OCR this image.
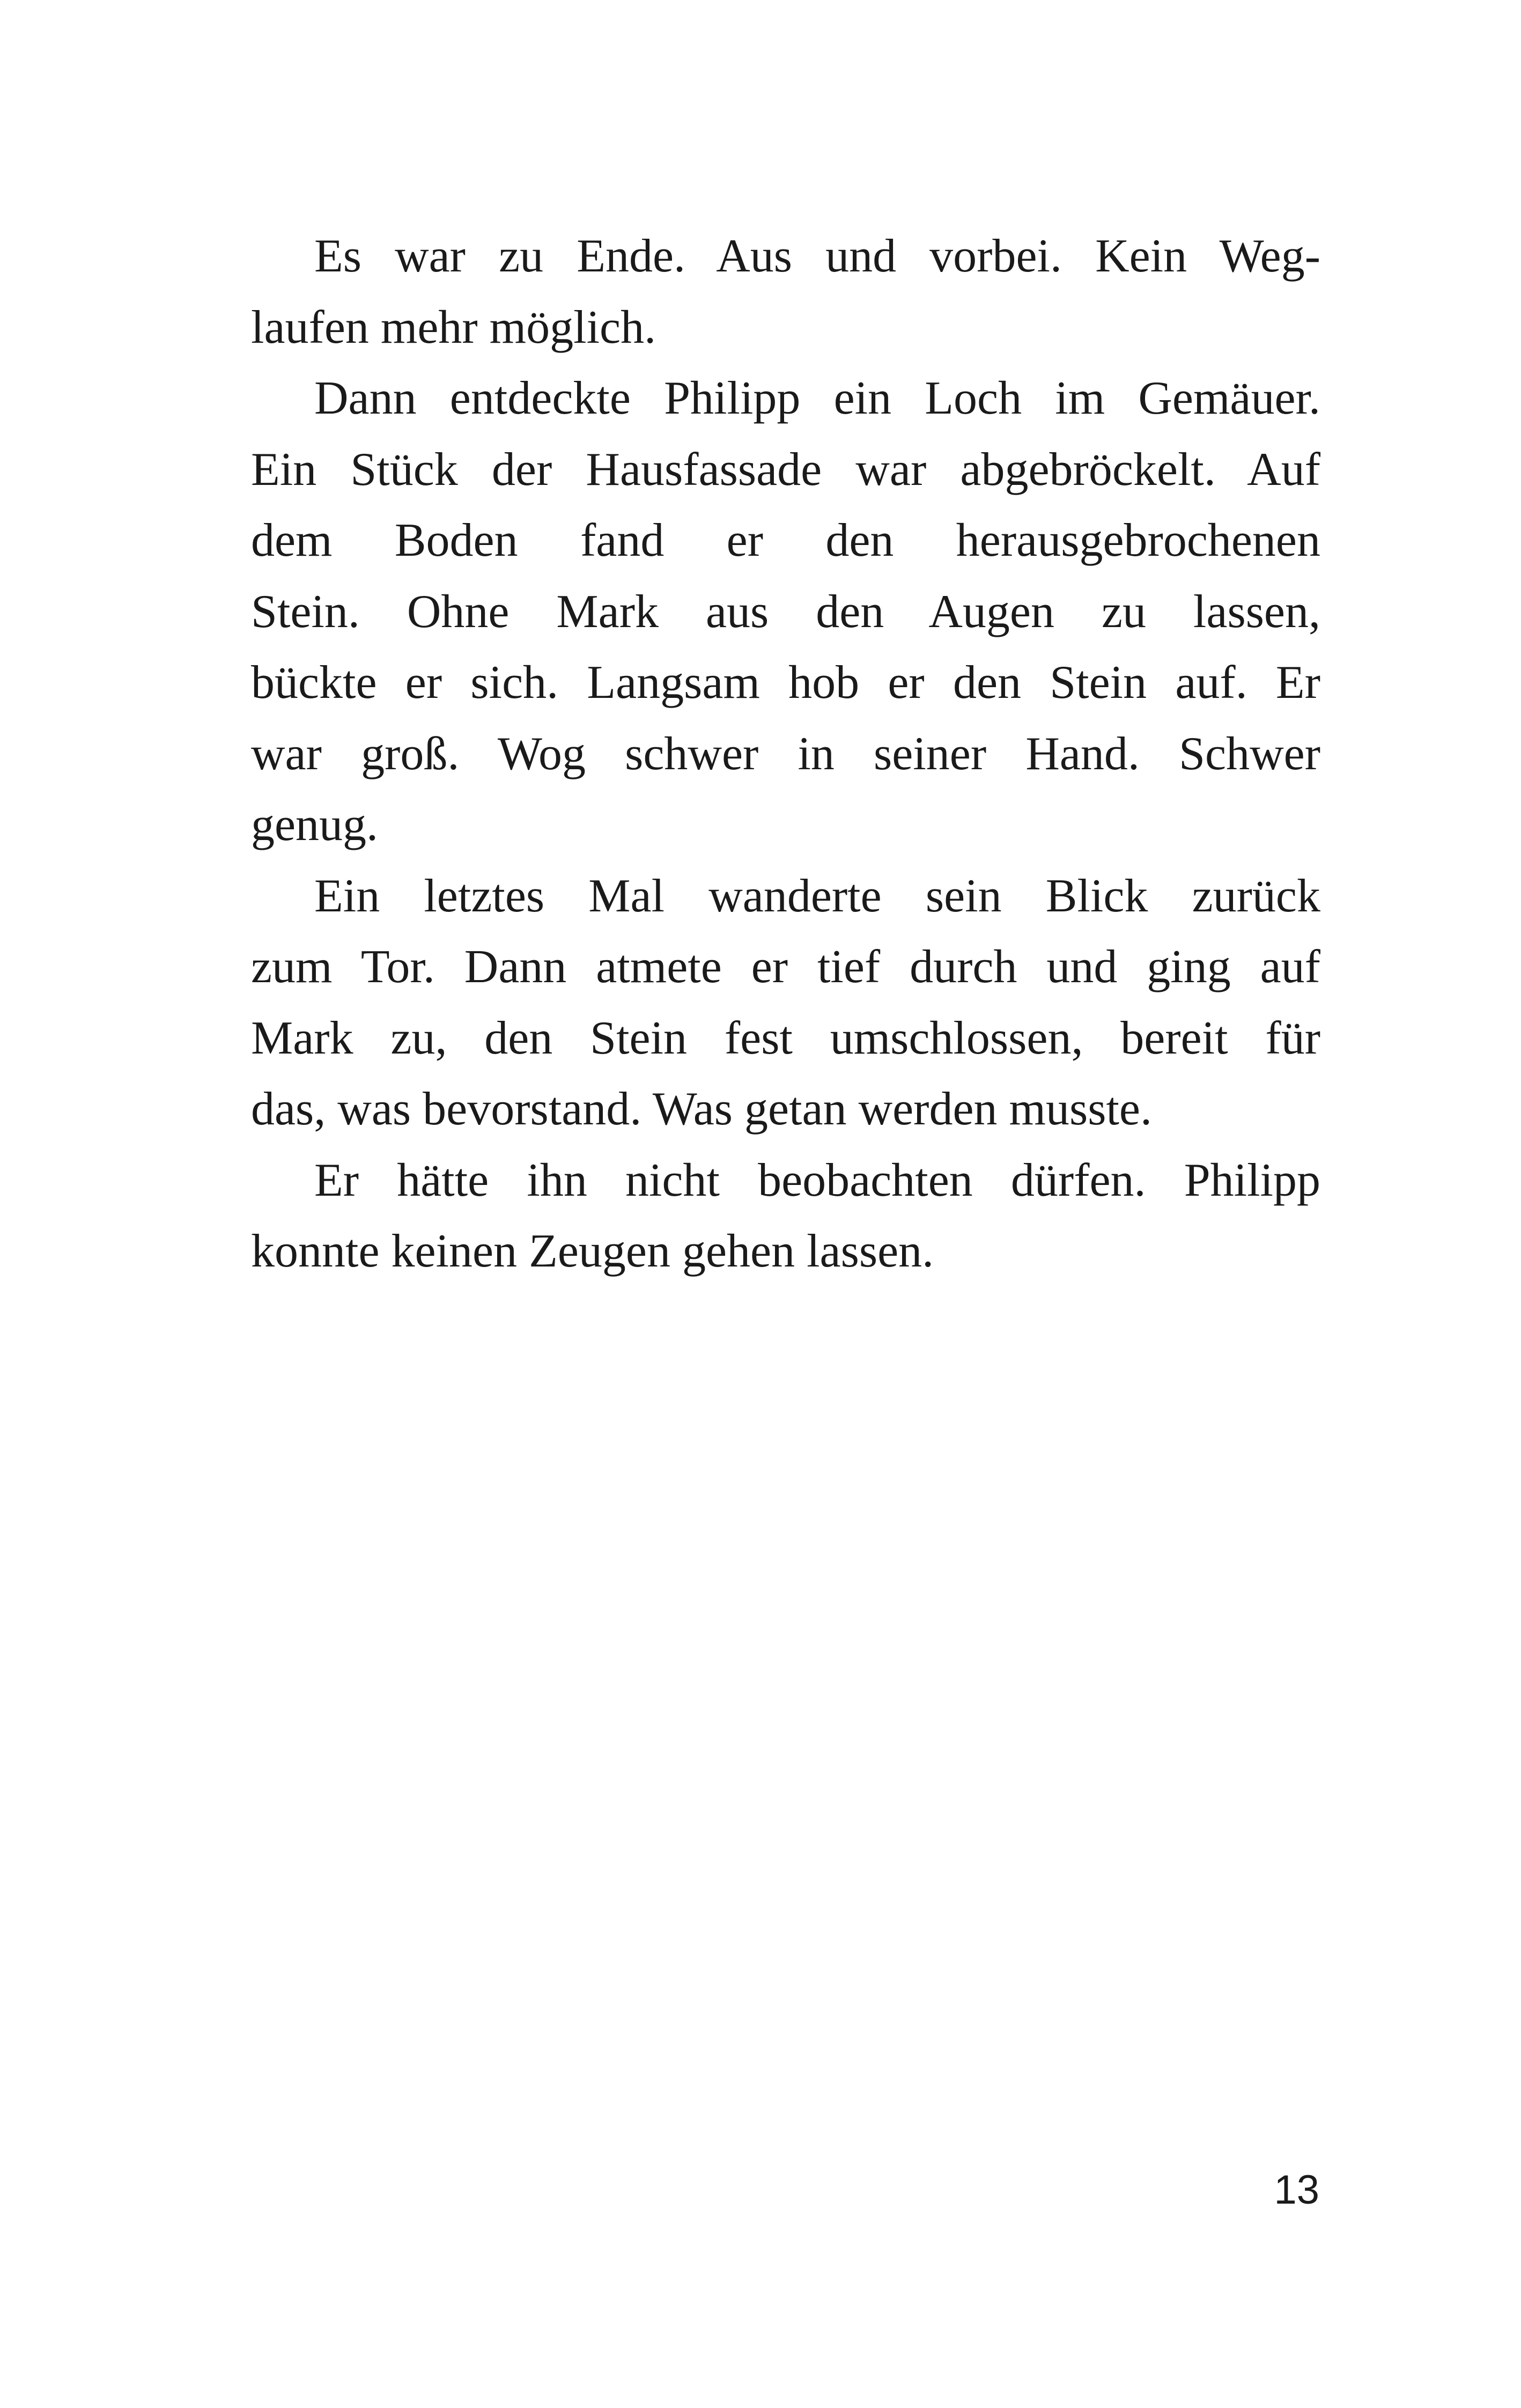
Es war zu Ende. Aus und vorbei. Kein Weg-
laufen mehr möglich.

Dann entdeckte Philipp ein Loch im Gemäuer.
Ein Stück der Hausfassade war abgebröckelt. Auf
dem Boden fand er den herausgebrochenen
Stein. Ohne Mark aus den Augen zu lassen,
bückte er sich. Langsam hob er den Stein auf. Er
war groß. Wog schwer in seiner Hand. Schwer
genug.

Ein letztes Mal wanderte sein Blick zurück
zum Tor. Dann atmete er tief durch und ging auf
Mark zu, den Stein fest umschlossen, bereit für
das, was bevorstand. Was getan werden musste.

Er hätte ihn nicht beobachten dürfen. Philipp
konnte keinen Zeugen gehen lassen.

13
